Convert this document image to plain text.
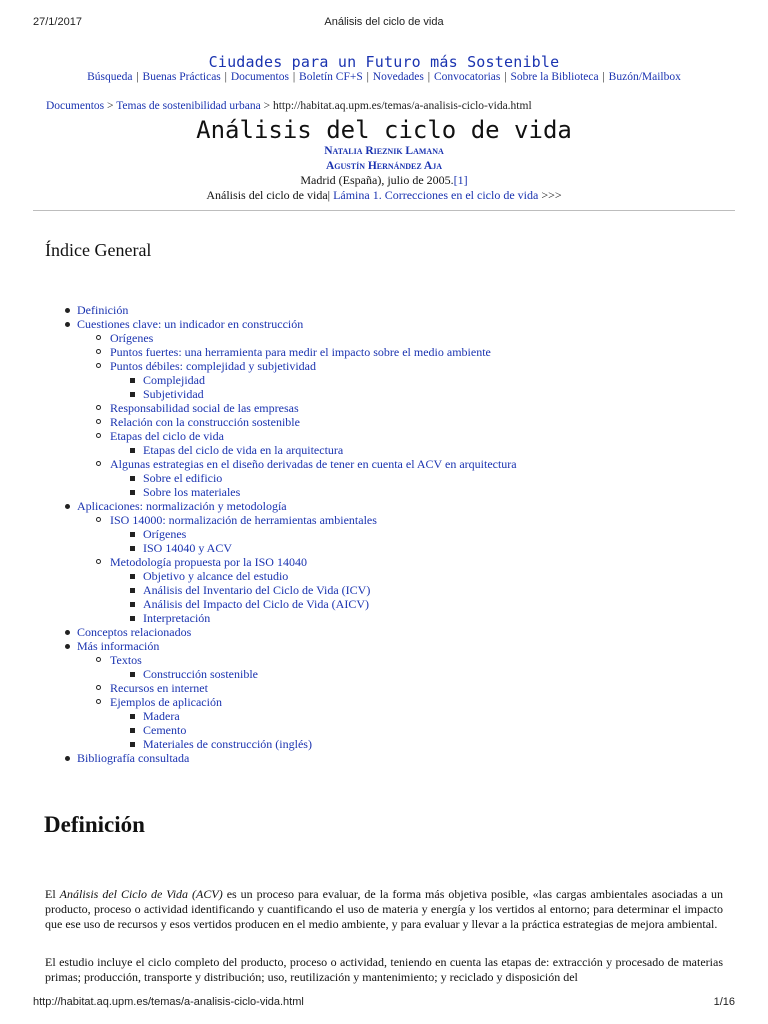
27/1/2017	Análisis del ciclo de vida
Ciudades para un Futuro más Sostenible
Búsqueda | Buenas Prácticas | Documentos | Boletín CF+S | Novedades | Convocatorias | Sobre la Biblioteca | Buzón/Mailbox
Documentos > Temas de sostenibilidad urbana > http://habitat.aq.upm.es/temas/a-analisis-ciclo-vida.html
Análisis del ciclo de vida
Natalia Rieznik Lamana
Agustín Hernández Aja
Madrid (España), julio de 2005.[1]
Análisis del ciclo de vida| Lámina 1. Correcciones en el ciclo de vida >>>
Índice General
Definición
Cuestiones clave: un indicador en construcción
Orígenes
Puntos fuertes: una herramienta para medir el impacto sobre el medio ambiente
Puntos débiles: complejidad y subjetividad
Complejidad
Subjetividad
Responsabilidad social de las empresas
Relación con la construcción sostenible
Etapas del ciclo de vida
Etapas del ciclo de vida en la arquitectura
Algunas estrategias en el diseño derivadas de tener en cuenta el ACV en arquitectura
Sobre el edificio
Sobre los materiales
Aplicaciones: normalización y metodología
ISO 14000: normalización de herramientas ambientales
Orígenes
ISO 14040 y ACV
Metodología propuesta por la ISO 14040
Objetivo y alcance del estudio
Análisis del Inventario del Ciclo de Vida (ICV)
Análisis del Impacto del Ciclo de Vida (AICV)
Interpretación
Conceptos relacionados
Más información
Textos
Construcción sostenible
Recursos en internet
Ejemplos de aplicación
Madera
Cemento
Materiales de construcción (inglés)
Bibliografía consultada
Definición

El Análisis del Ciclo de Vida (ACV) es un proceso para evaluar, de la forma más objetiva posible, «las cargas ambientales asociadas a un producto, proceso o actividad identificando y cuantificando el uso de materia y energía y los vertidos al entorno; para determinar el impacto que ese uso de recursos y esos vertidos producen en el medio ambiente, y para evaluar y llevar a la práctica estrategias de mejora ambiental.

El estudio incluye el ciclo completo del producto, proceso o actividad, teniendo en cuenta las etapas de: extracción y procesado de materias primas; producción, transporte y distribución; uso, reutilización y mantenimiento; y reciclado y disposición del

http://habitat.aq.upm.es/temas/a-analisis-ciclo-vida.html	1/16
